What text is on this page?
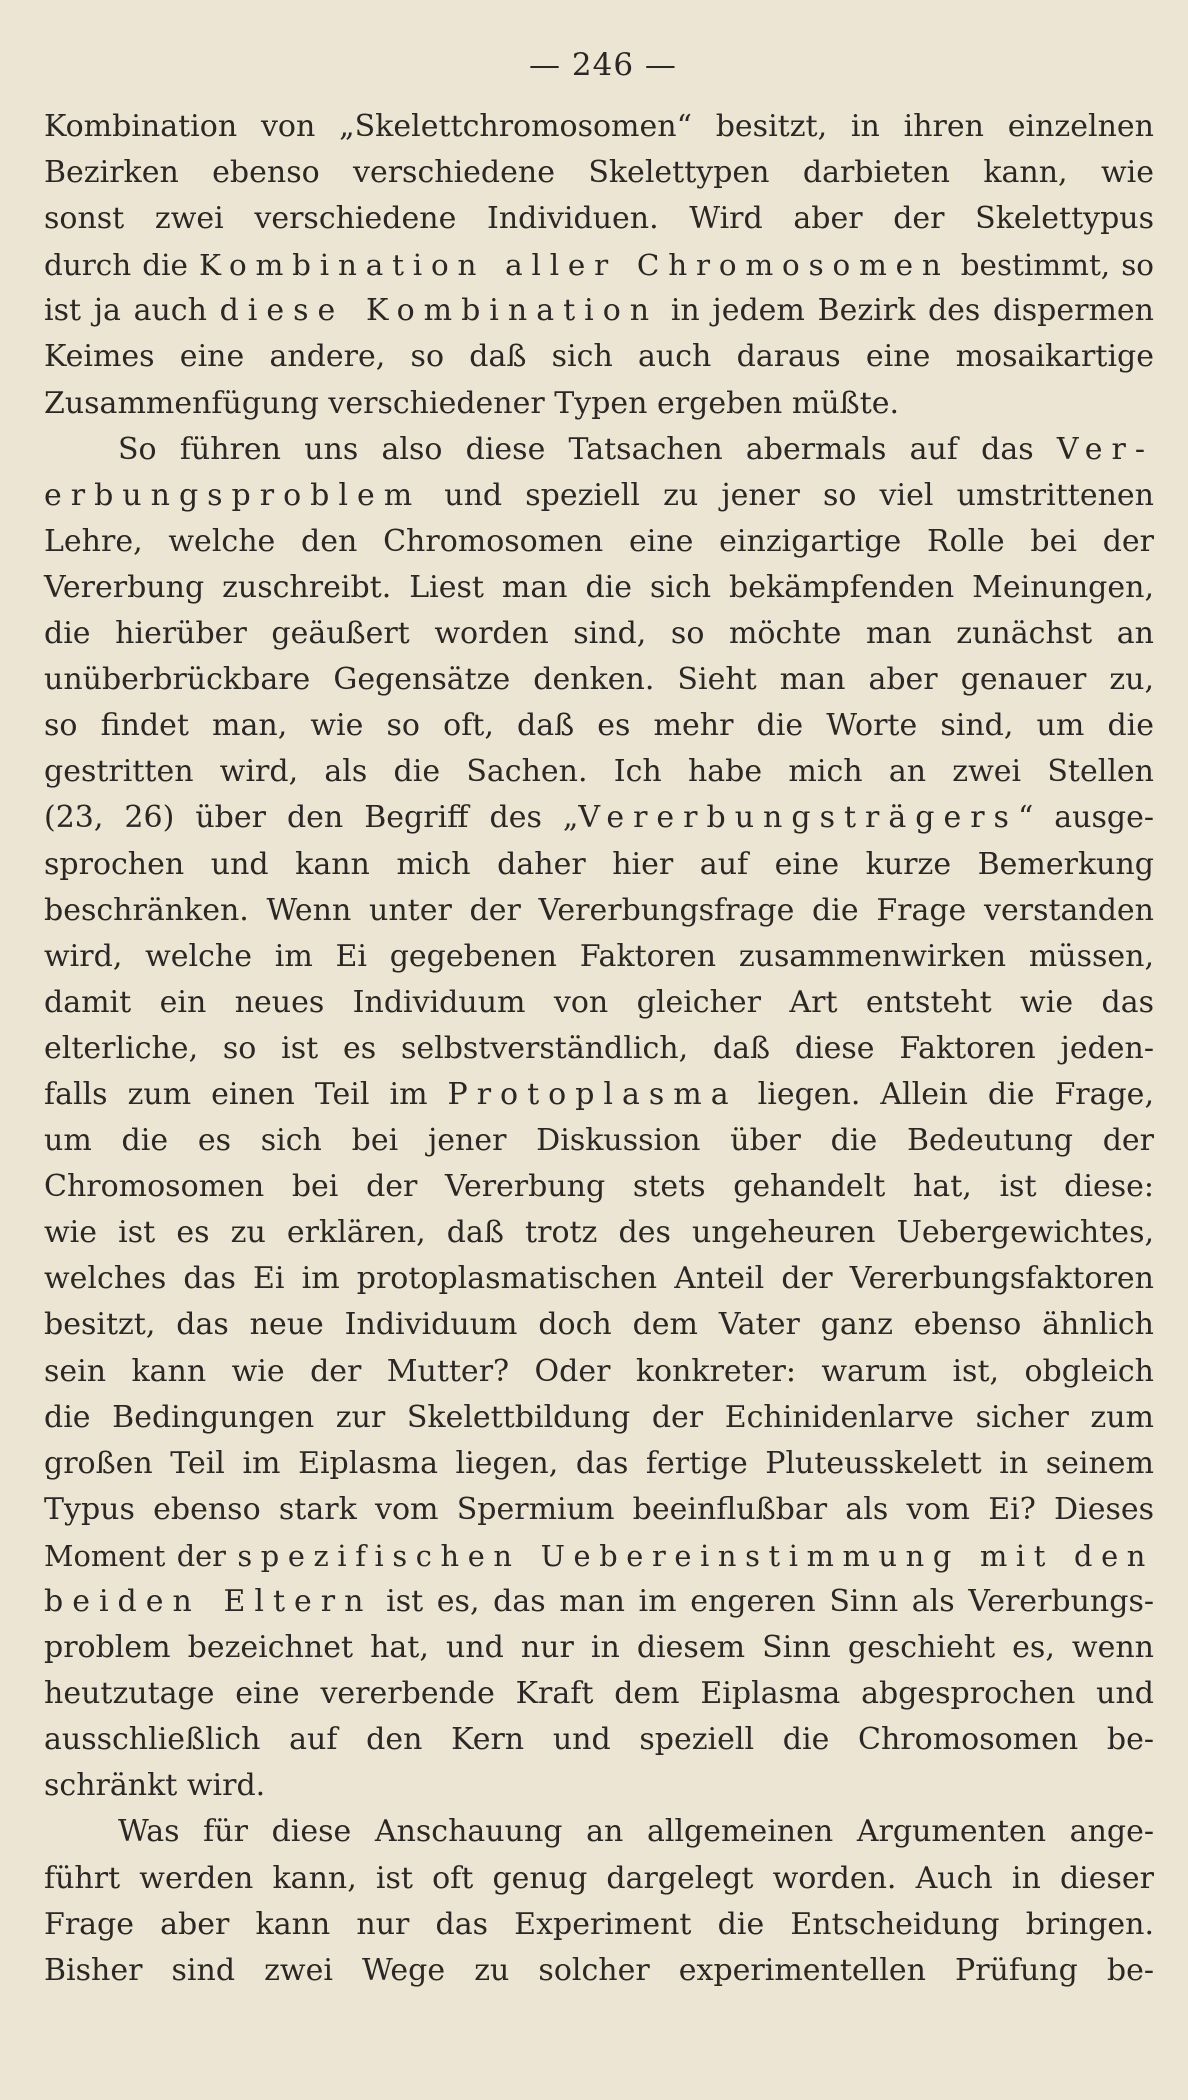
— 246 —
Kombination von „Skelettchromosomen“ besitzt, in ihren einzelnen
Bezirken ebenso verschiedene Skelettypen darbieten kann, wie
sonst zwei verschiedene Individuen. Wird aber der Skelettypus
durch die Kombination aller Chromosomen bestimmt, so
ist ja auch diese Kombination in jedem Bezirk des dispermen
Keimes eine andere, so daß sich auch daraus eine mosaikartige
Zusammenfügung verschiedener Typen ergeben müßte.
So führen uns also diese Tatsachen abermals auf das Ver-
erbungsproblem und speziell zu jener so viel umstrittenen
Lehre, welche den Chromosomen eine einzigartige Rolle bei der
Vererbung zuschreibt. Liest man die sich bekämpfenden Meinungen,
die hierüber geäußert worden sind, so möchte man zunächst an
unüberbrückbare Gegensätze denken. Sieht man aber genauer zu,
so findet man, wie so oft, daß es mehr die Worte sind, um die
gestritten wird, als die Sachen. Ich habe mich an zwei Stellen
(23, 26) über den Begriff des „Vererbungsträgers“ ausge-
sprochen und kann mich daher hier auf eine kurze Bemerkung
beschränken. Wenn unter der Vererbungsfrage die Frage verstanden
wird, welche im Ei gegebenen Faktoren zusammenwirken müssen,
damit ein neues Individuum von gleicher Art entsteht wie das
elterliche, so ist es selbstverständlich, daß diese Faktoren jeden-
falls zum einen Teil im Protoplasma liegen. Allein die Frage,
um die es sich bei jener Diskussion über die Bedeutung der
Chromosomen bei der Vererbung stets gehandelt hat, ist diese:
wie ist es zu erklären, daß trotz des ungeheuren Uebergewichtes,
welches das Ei im protoplasmatischen Anteil der Vererbungsfaktoren
besitzt, das neue Individuum doch dem Vater ganz ebenso ähnlich
sein kann wie der Mutter? Oder konkreter: warum ist, obgleich
die Bedingungen zur Skelettbildung der Echinidenlarve sicher zum
großen Teil im Eiplasma liegen, das fertige Pluteusskelett in seinem
Typus ebenso stark vom Spermium beeinflußbar als vom Ei? Dieses
Moment der spezifischen Uebereinstimmung mit den
beiden Eltern ist es, das man im engeren Sinn als Vererbungs-
problem bezeichnet hat, und nur in diesem Sinn geschieht es, wenn
heutzutage eine vererbende Kraft dem Eiplasma abgesprochen und
ausschließlich auf den Kern und speziell die Chromosomen be-
schränkt wird.
Was für diese Anschauung an allgemeinen Argumenten ange-
führt werden kann, ist oft genug dargelegt worden. Auch in dieser
Frage aber kann nur das Experiment die Entscheidung bringen.
Bisher sind zwei Wege zu solcher experimentellen Prüfung be-
